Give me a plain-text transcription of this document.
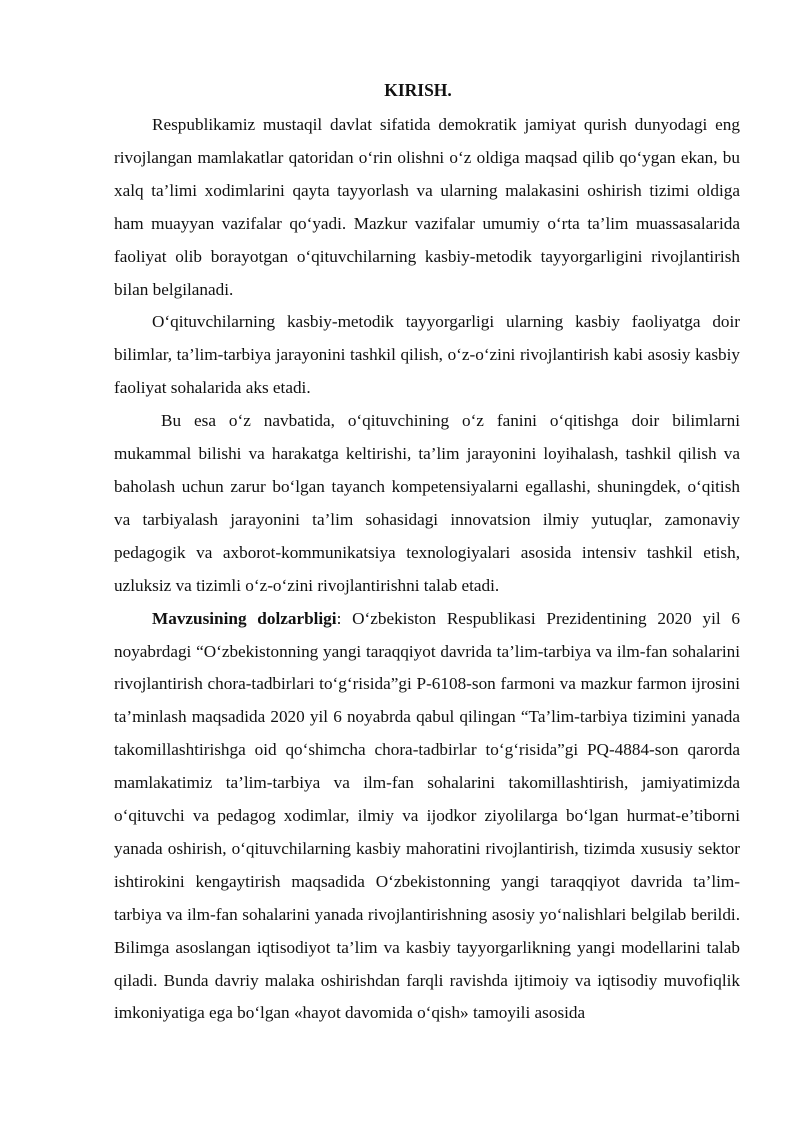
KIRISH.

Respublikamiz mustaqil davlat sifatida demokratik jamiyat qurish dunyodagi eng rivojlangan mamlakatlar qatoridan o‘rin olishni o‘z oldiga maqsad qilib qo‘ygan ekan, bu xalq ta’limi xodimlarini qayta tayyorlash va ularning malakasini oshirish tizimi oldiga ham muayyan vazifalar qo‘yadi. Mazkur vazifalar umumiy o‘rta ta’lim muassasalarida faoliyat olib borayotgan o‘qituvchilarning kasbiy-metodik tayyorgarligini rivojlantirish bilan belgilanadi.

O‘qituvchilarning kasbiy-metodik tayyorgarligi ularning kasbiy faoliyatga doir bilimlar, ta’lim-tarbiya jarayonini tashkil qilish, o‘z-o‘zini rivojlantirish kabi asosiy kasbiy faoliyat sohalarida aks etadi.

Bu esa o‘z navbatida, o‘qituvchining o‘z fanini o‘qitishga doir bilimlarni mukammal bilishi va harakatga keltirishi, ta’lim jarayonini loyihalash, tashkil qilish va baholash uchun zarur bo‘lgan tayanch kompetensiyalarni egallashi, shuningdek, o‘qitish va tarbiyalash jarayonini ta’lim sohasidagi innovatsion ilmiy yutuqlar, zamonaviy pedagogik va axborot-kommunikatsiya texnologiyalari asosida intensiv tashkil etish, uzluksiz va tizimli o‘z-o‘zini rivojlantirishni talab etadi.

Mavzusining dolzarbligi: O‘zbekiston Respublikasi Prezidentining 2020 yil 6 noyabrdagi “O‘zbekistonning yangi taraqqiyot davrida ta’lim-tarbiya va ilm-fan sohalarini rivojlantirish chora-tadbirlari to‘g‘risida”gi P-6108-son farmoni va mazkur farmon ijrosini ta’minlash maqsadida 2020 yil 6 noyabrda qabul qilingan “Ta’lim-tarbiya tizimini yanada takomillashtirishga oid qo‘shimcha chora-tadbirlar to‘g‘risida”gi PQ-4884-son qarorda mamlakatimiz ta’lim-tarbiya va ilm-fan sohalarini takomillashtirish, jamiyatimizda o‘qituvchi va pedagog xodimlar, ilmiy va ijodkor ziyolilarga bo‘lgan hurmat-e’tiborni yanada oshirish, o‘qituvchilarning kasbiy mahoratini rivojlantirish, tizimda xususiy sektor ishtirokini kengaytirish maqsadida O‘zbekistonning yangi taraqqiyot davrida ta’lim-tarbiya va ilm-fan sohalarini yanada rivojlantirishning asosiy yo‘nalishlari belgilab berildi. Bilimga asoslangan iqtisodiyot ta’lim va kasbiy tayyorgarlikning yangi modellarini talab qiladi. Bunda davriy malaka oshirishdan farqli ravishda ijtimoiy va iqtisodiy muvofiqlik imkoniyatiga ega bo‘lgan «hayot davomida o‘qish» tamoyili asosida
